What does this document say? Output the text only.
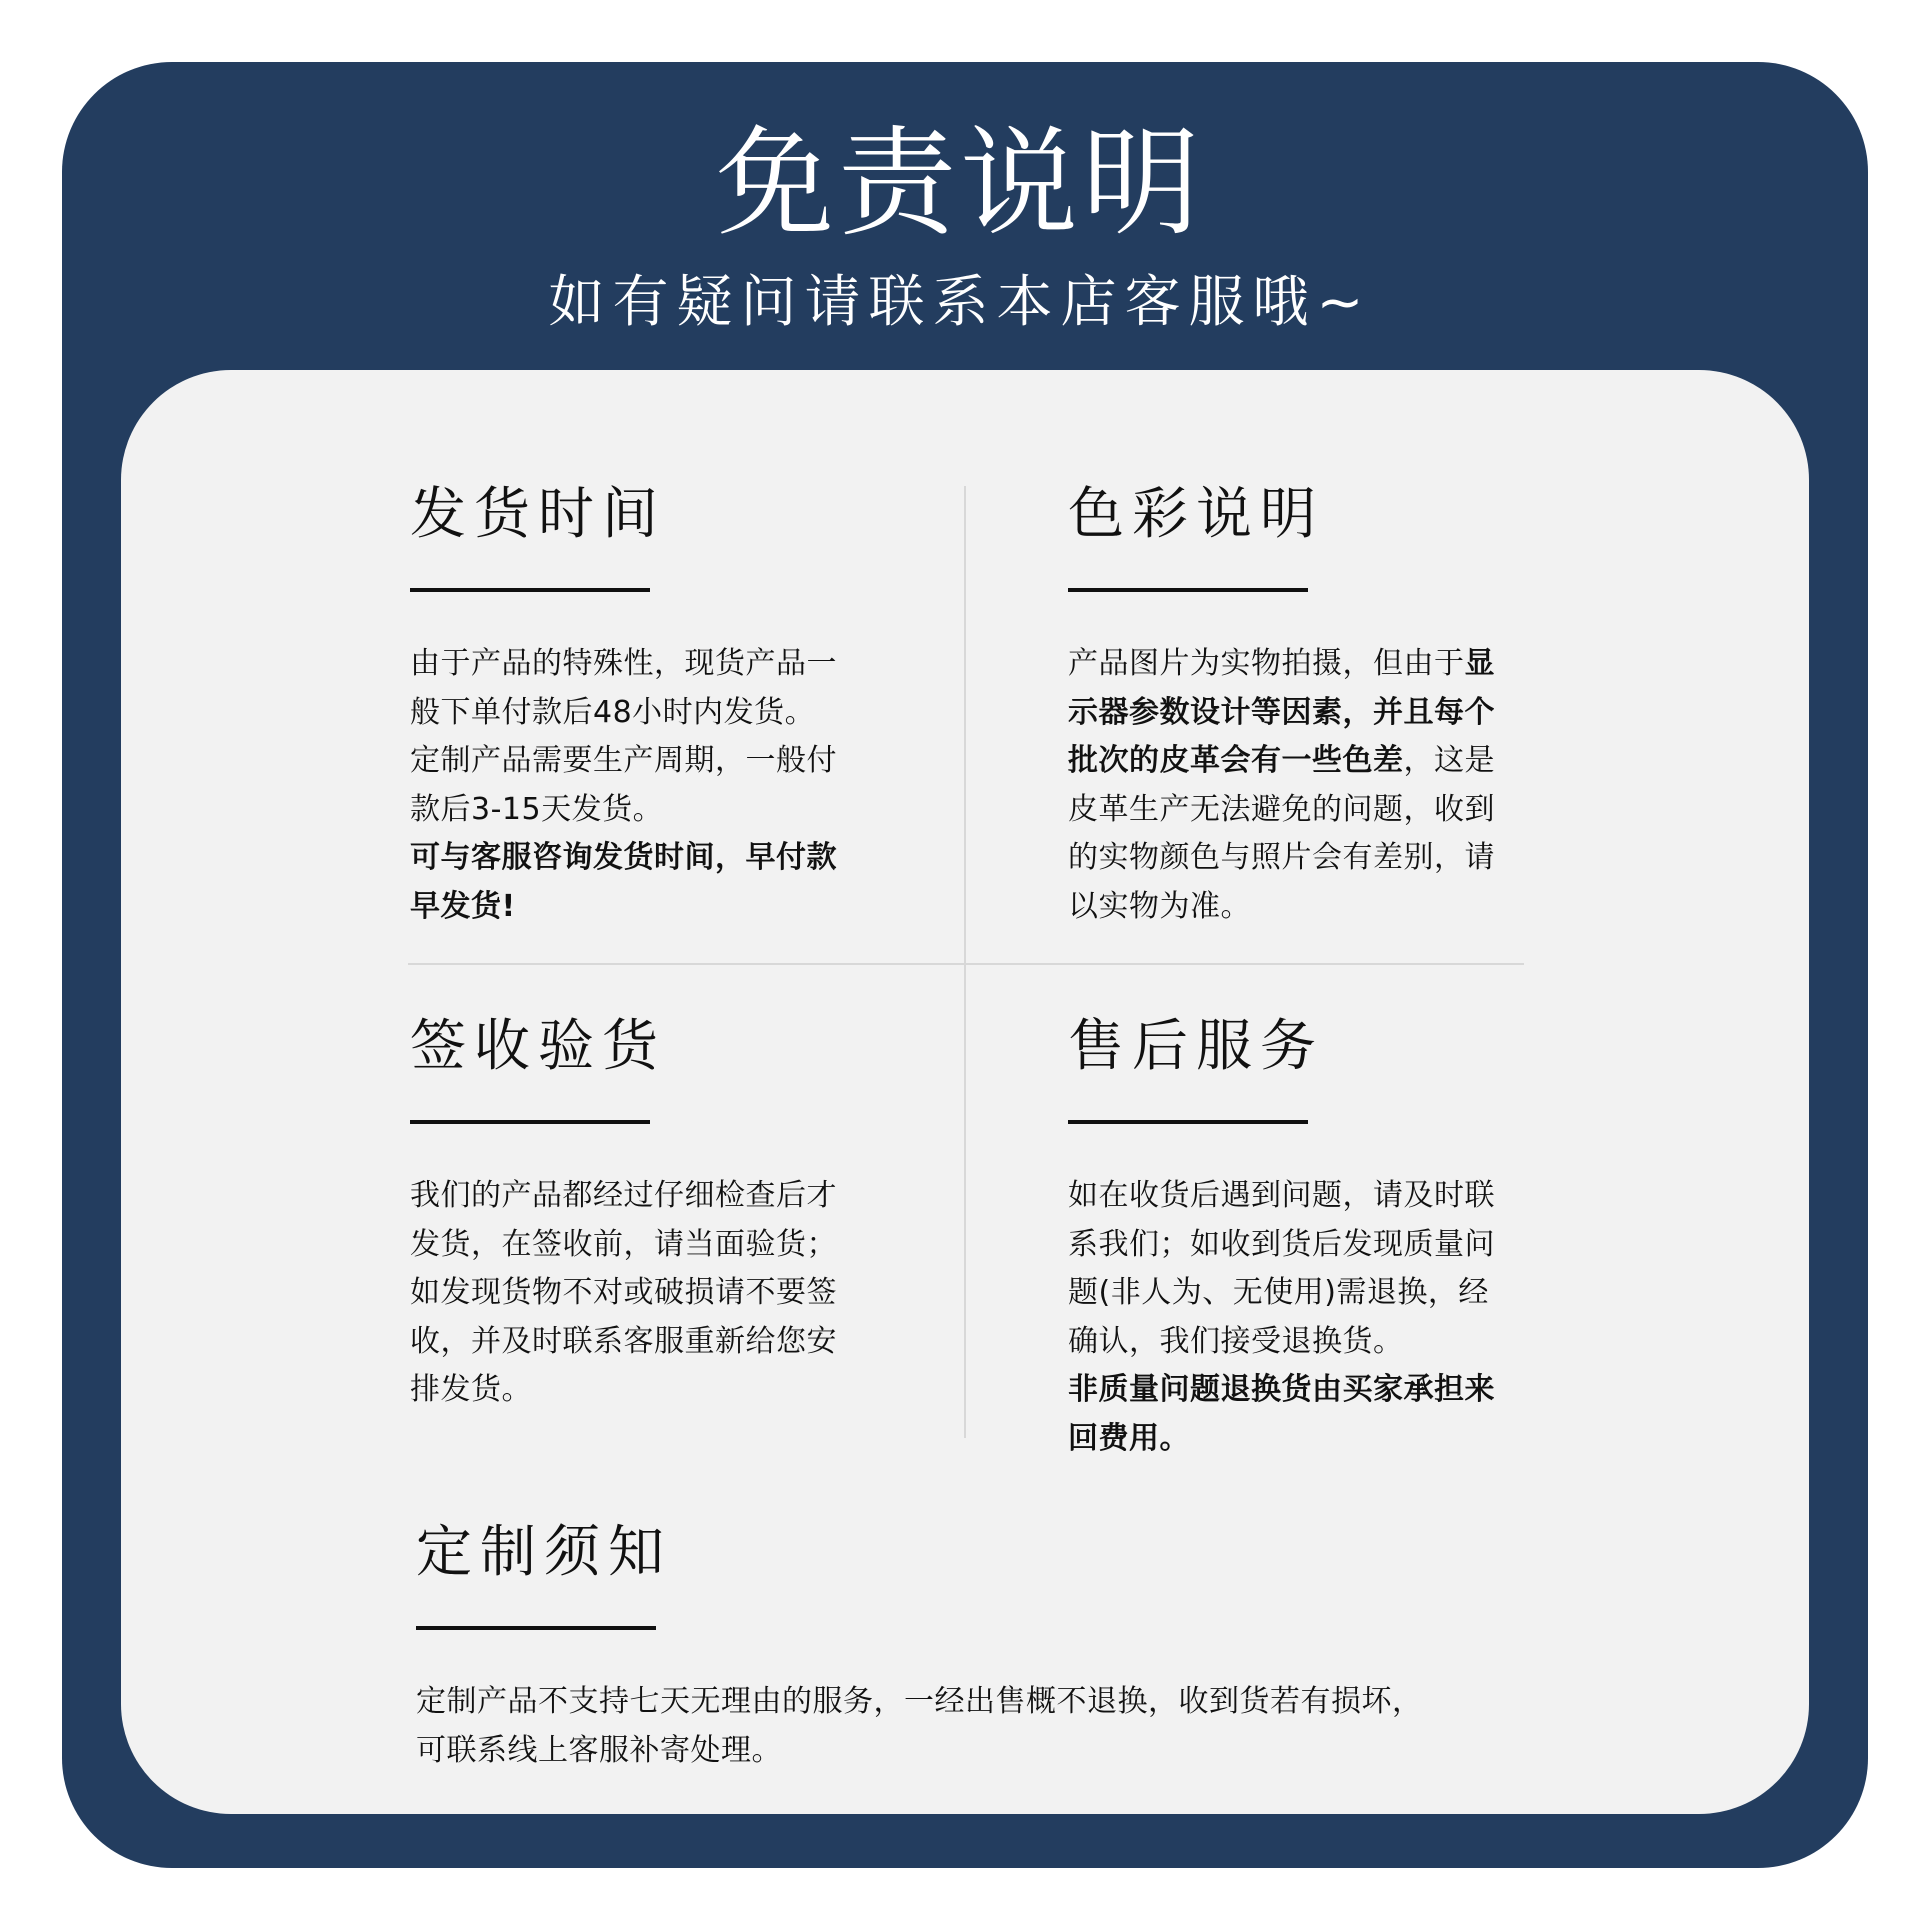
免责说明
如有疑问请联系本店客服哦~
发货时间

由于产品的特殊性，现货产品一

般下单付款后48小时内发货。

定制产品需要生产周期，一般付

款后3-15天发货。

可与客服咨询发货时间，早付款

早发货!

色彩说明

产品图片为实物拍摄，但由于显

示器参数设计等因素，并且每个

批次的皮革会有一些色差，这是

皮革生产无法避免的问题，收到

的实物颜色与照片会有差别，请

以实物为准。

签收验货

我们的产品都经过仔细检查后才

发货，在签收前，请当面验货；

如发现货物不对或破损请不要签

收，并及时联系客服重新给您安

排发货。

售后服务

如在收货后遇到问题，请及时联

系我们；如收到货后发现质量问

题(非人为、无使用)需退换，经

确认，我们接受退换货。

非质量问题退换货由买家承担来

回费用。

定制须知

定制产品不支持七天无理由的服务，一经出售概不退换，收到货若有损坏，

可联系线上客服补寄处理。
